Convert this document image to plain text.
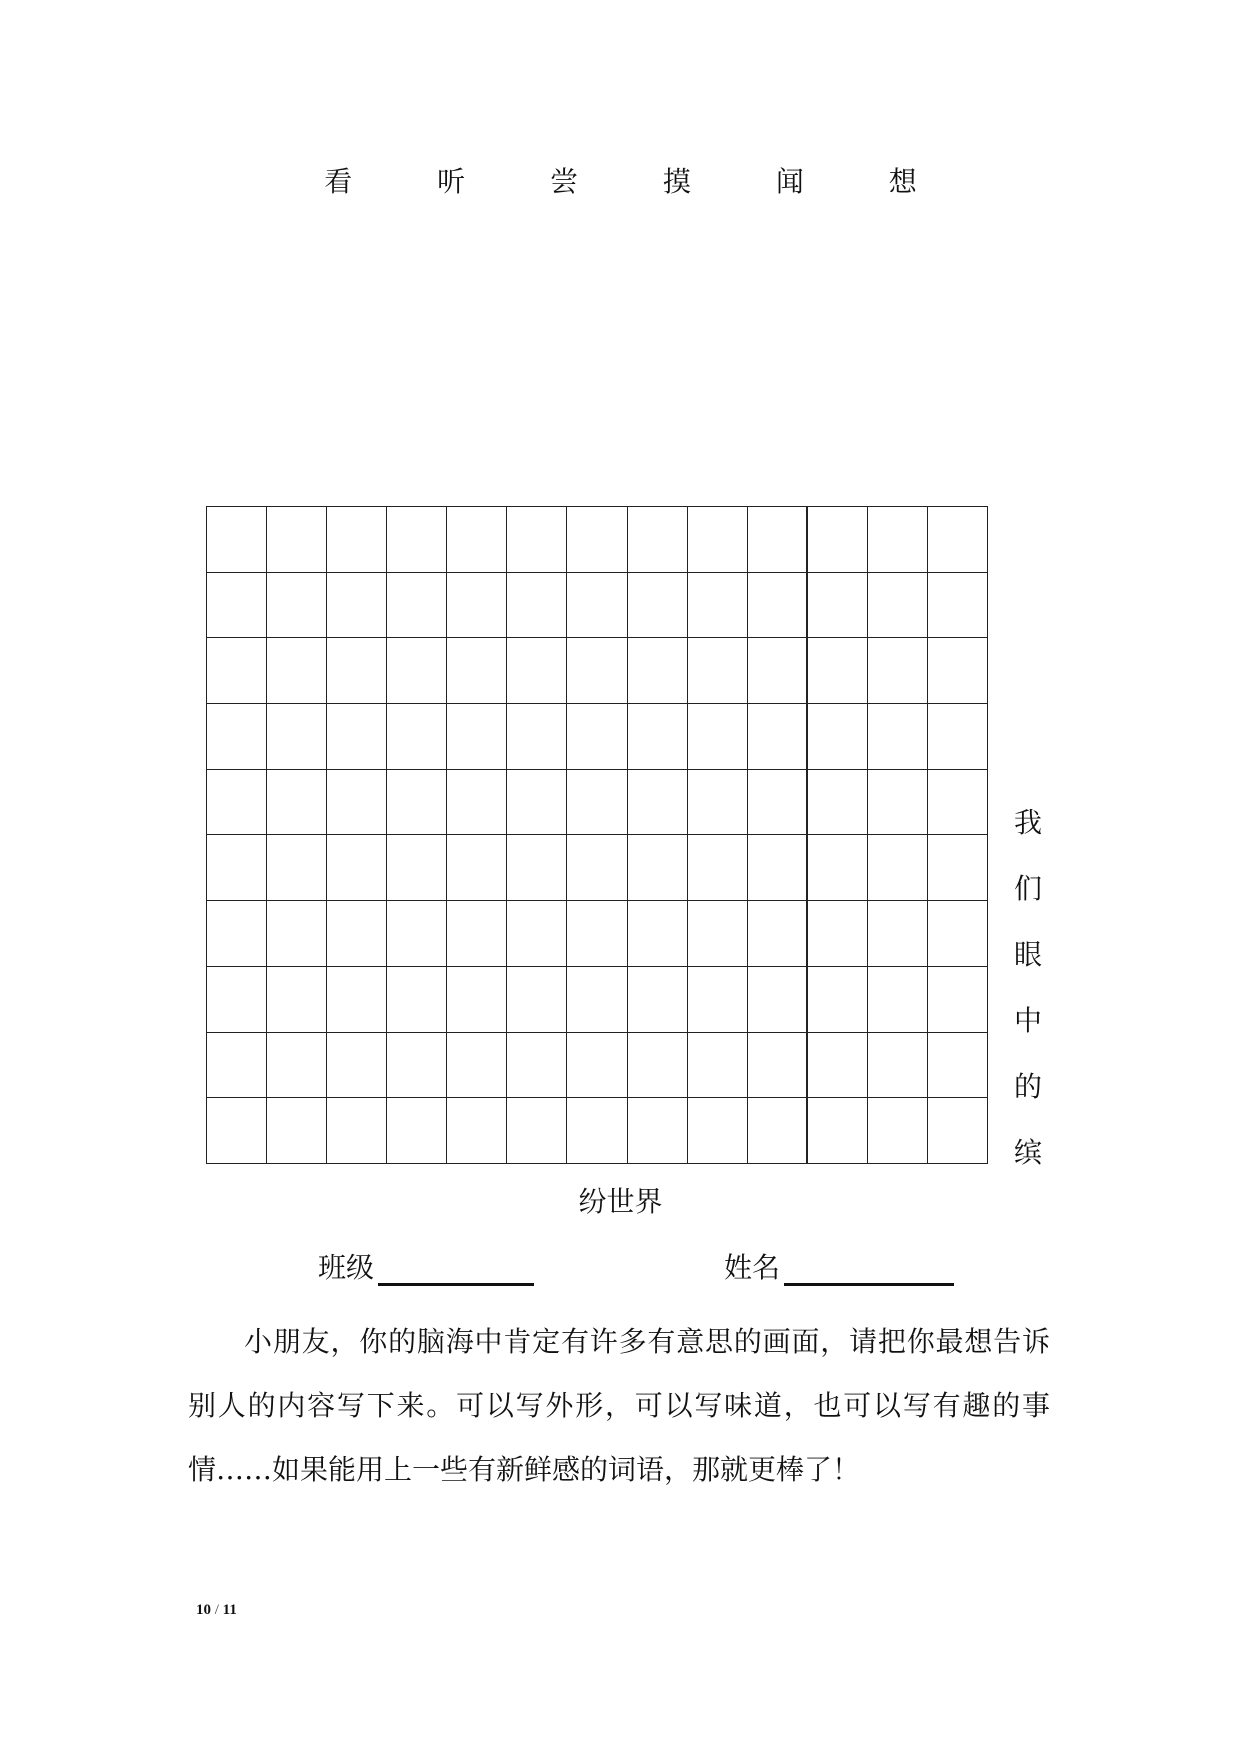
看 听 尝 摸 闻 想
我
们
眼
中
的
缤
纷世界
班级	姓名

小朋友，你的脑海中肯定有许多有意思的画面，请把你最想告诉别人的内容写下来。可以写外形，可以写味道，也可以写有趣的事情……如果能用上一些有新鲜感的词语，那就更棒了！

10 / 11
